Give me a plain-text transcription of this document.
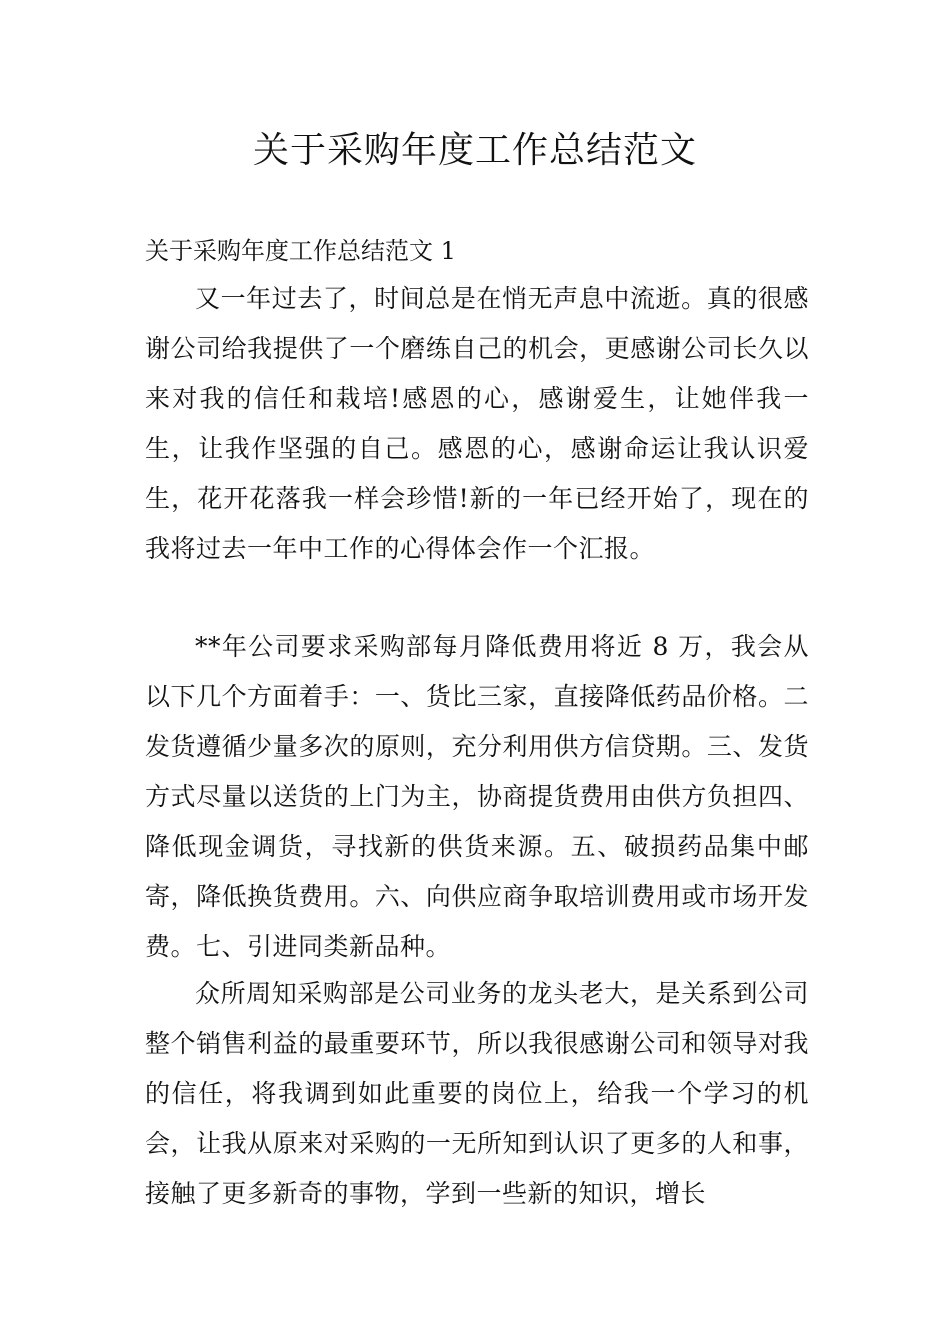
关于采购年度工作总结范文

关于采购年度工作总结范文 1

又一年过去了，时间总是在悄无声息中流逝。真的很感谢公司给我提供了一个磨练自己的机会，更感谢公司长久以来对我的信任和栽培!感恩的心，感谢爱生，让她伴我一生，让我作坚强的自己。感恩的心，感谢命运让我认识爱生，花开花落我一样会珍惜!新的一年已经开始了，现在的我将过去一年中工作的心得体会作一个汇报。

**年公司要求采购部每月降低费用将近 8 万，我会从以下几个方面着手：一、货比三家，直接降低药品价格。二发货遵循少量多次的原则，充分利用供方信贷期。三、发货方式尽量以送货的上门为主，协商提货费用由供方负担四、降低现金调货，寻找新的供货来源。五、破损药品集中邮寄，降低换货费用。六、向供应商争取培训费用或市场开发费。七、引进同类新品种。

众所周知采购部是公司业务的龙头老大，是关系到公司整个销售利益的最重要环节，所以我很感谢公司和领导对我的信任，将我调到如此重要的岗位上，给我一个学习的机会，让我从原来对采购的一无所知到认识了更多的人和事，接触了更多新奇的事物，学到一些新的知识，增长
